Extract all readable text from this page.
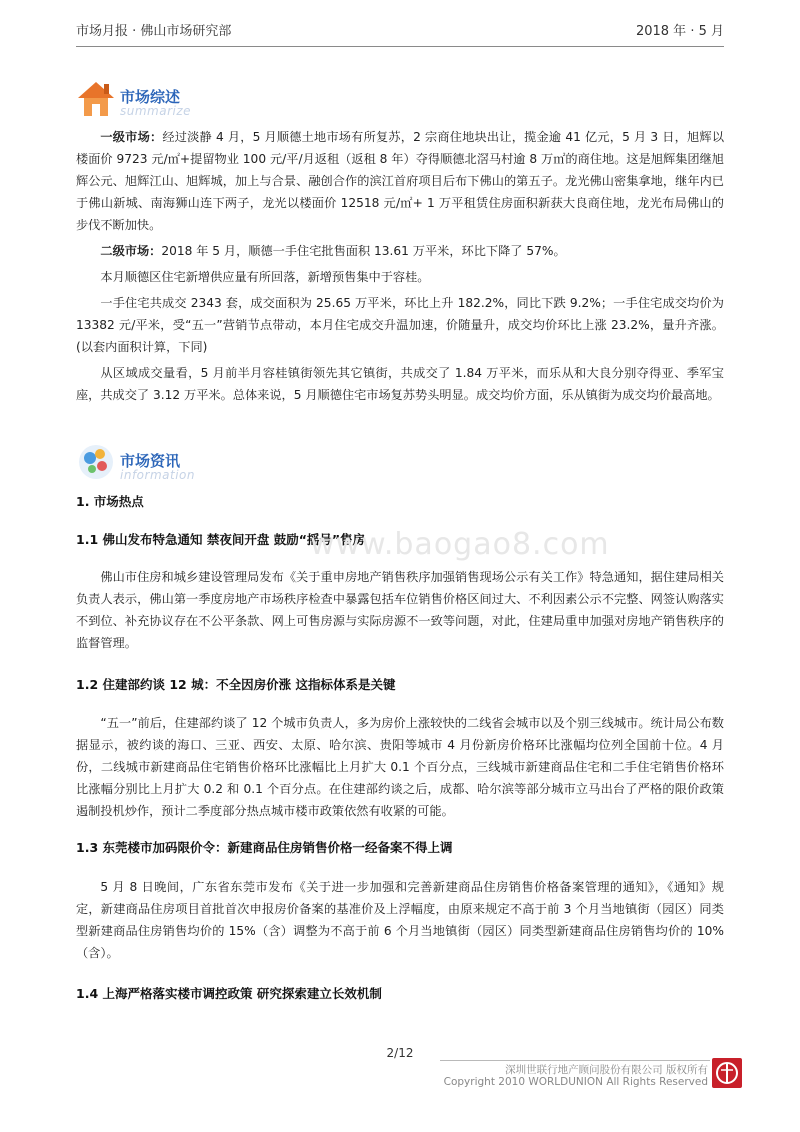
市场月报 · 佛山市场研究部	2018 年 · 5 月
市场综述
summarize

一级市场：经过淡静 4 月，5 月顺德土地市场有所复苏，2 宗商住地块出让，揽金逾 41 亿元，5 月 3 日，旭辉以楼面价 9723 元/㎡+提留物业 100 元/平/月返租（返租 8 年）夺得顺德北滘马村逾 8 万㎡的商住地。这是旭辉集团继旭辉公元、旭辉江山、旭辉城，加上与合景、融创合作的滨江首府项目后布下佛山的第五子。龙光佛山密集拿地，继年内已于佛山新城、南海狮山连下两子，龙光以楼面价 12518 元/㎡+ 1 万平租赁住房面积新获大良商住地，龙光布局佛山的步伐不断加快。

二级市场：2018 年 5 月，顺德一手住宅批售面积 13.61 万平米，环比下降了 57%。

本月顺德区住宅新增供应量有所回落，新增预售集中于容桂。

一手住宅共成交 2343 套，成交面积为 25.65 万平米，环比上升 182.2%，同比下跌 9.2%；一手住宅成交均价为 13382 元/平米，受“五一”营销节点带动，本月住宅成交升温加速，价随量升，成交均价环比上涨 23.2%，量升齐涨。(以套内面积计算，下同)

从区域成交量看，5 月前半月容桂镇街领先其它镇街，共成交了 1.84 万平米，而乐从和大良分别夺得亚、季军宝座，共成交了 3.12 万平米。总体来说，5 月顺德住宅市场复苏势头明显。成交均价方面，乐从镇街为成交均价最高地。

市场资讯
information
1. 市场热点
1.1 佛山发布特急通知 禁夜间开盘 鼓励“摇号”售房

佛山市住房和城乡建设管理局发布《关于重申房地产销售秩序加强销售现场公示有关工作》特急通知，据住建局相关负责人表示，佛山第一季度房地产市场秩序检查中暴露包括车位销售价格区间过大、不利因素公示不完整、网签认购落实不到位、补充协议存在不公平条款、网上可售房源与实际房源不一致等问题，对此，住建局重申加强对房地产销售秩序的监督管理。

1.2 住建部约谈 12 城：不全因房价涨 这指标体系是关键

“五一”前后，住建部约谈了 12 个城市负责人，多为房价上涨较快的二线省会城市以及个别三线城市。统计局公布数据显示，被约谈的海口、三亚、西安、太原、哈尔滨、贵阳等城市 4 月份新房价格环比涨幅均位列全国前十位。4 月份，二线城市新建商品住宅销售价格环比涨幅比上月扩大 0.1 个百分点，三线城市新建商品住宅和二手住宅销售价格环比涨幅分别比上月扩大 0.2 和 0.1 个百分点。在住建部约谈之后，成都、哈尔滨等部分城市立马出台了严格的限价政策遏制投机炒作，预计二季度部分热点城市楼市政策依然有收紧的可能。

1.3 东莞楼市加码限价令：新建商品住房销售价格一经备案不得上调

5 月 8 日晚间，广东省东莞市发布《关于进一步加强和完善新建商品住房销售价格备案管理的通知》，《通知》规定，新建商品住房项目首批首次申报房价备案的基准价及上浮幅度，由原来规定不高于前 3 个月当地镇街（园区）同类型新建商品住房销售均价的 15%（含）调整为不高于前 6 个月当地镇街（园区）同类型新建商品住房销售均价的 10%（含）。

1.4 上海严格落实楼市调控政策 研究探索建立长效机制
www.baogao8.com
2/12
深圳世联行地产顾问股份有限公司 版权所有
Copyright 2010 WORLDUNION All Rights Reserved
